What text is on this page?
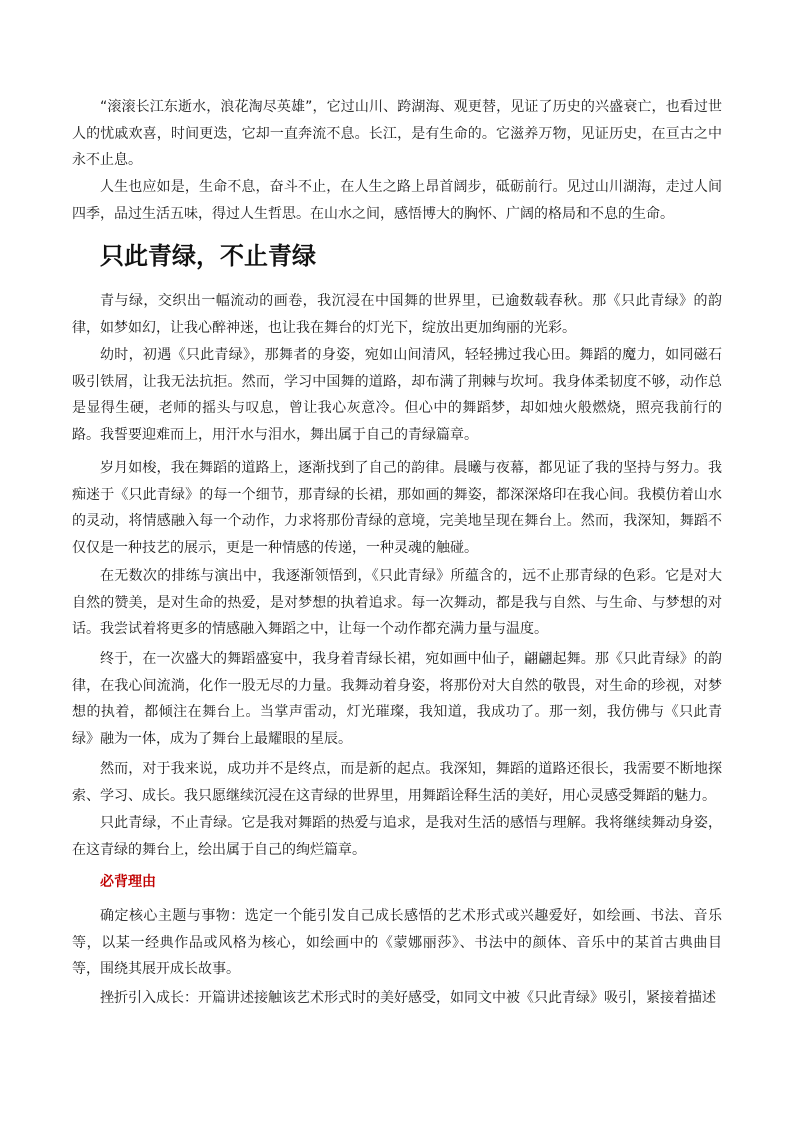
“滚滚长江东逝水，浪花淘尽英雄”，它过山川、跨湖海、观更替，见证了历史的兴盛衰亡，也看过世人的忧戚欢喜，时间更迭，它却一直奔流不息。长江，是有生命的。它滋养万物，见证历史，在亘古之中永不止息。

人生也应如是，生命不息，奋斗不止，在人生之路上昂首阔步，砥砺前行。见过山川湖海，走过人间四季，品过生活五味，得过人生哲思。在山水之间，感悟博大的胸怀、广阔的格局和不息的生命。

只此青绿，不止青绿

青与绿，交织出一幅流动的画卷，我沉浸在中国舞的世界里，已逾数载春秋。那《只此青绿》的韵律，如梦如幻，让我心醉神迷，也让我在舞台的灯光下，绽放出更加绚丽的光彩。

幼时，初遇《只此青绿》，那舞者的身姿，宛如山间清风，轻轻拂过我心田。舞蹈的魔力，如同磁石吸引铁屑，让我无法抗拒。然而，学习中国舞的道路，却布满了荆棘与坎坷。我身体柔韧度不够，动作总是显得生硬，老师的摇头与叹息，曾让我心灰意冷。但心中的舞蹈梦，却如烛火般燃烧，照亮我前行的路。我誓要迎难而上，用汗水与泪水，舞出属于自己的青绿篇章。

岁月如梭，我在舞蹈的道路上，逐渐找到了自己的韵律。晨曦与夜幕，都见证了我的坚持与努力。我痴迷于《只此青绿》的每一个细节，那青绿的长裙，那如画的舞姿，都深深烙印在我心间。我模仿着山水的灵动，将情感融入每一个动作，力求将那份青绿的意境，完美地呈现在舞台上。然而，我深知，舞蹈不仅仅是一种技艺的展示，更是一种情感的传递，一种灵魂的触碰。

在无数次的排练与演出中，我逐渐领悟到，《只此青绿》所蕴含的，远不止那青绿的色彩。它是对大自然的赞美，是对生命的热爱，是对梦想的执着追求。每一次舞动，都是我与自然、与生命、与梦想的对话。我尝试着将更多的情感融入舞蹈之中，让每一个动作都充满力量与温度。

终于，在一次盛大的舞蹈盛宴中，我身着青绿长裙，宛如画中仙子，翩翩起舞。那《只此青绿》的韵律，在我心间流淌，化作一股无尽的力量。我舞动着身姿，将那份对大自然的敬畏，对生命的珍视，对梦想的执着，都倾注在舞台上。当掌声雷动，灯光璀璨，我知道，我成功了。那一刻，我仿佛与《只此青绿》融为一体，成为了舞台上最耀眼的星辰。

然而，对于我来说，成功并不是终点，而是新的起点。我深知，舞蹈的道路还很长，我需要不断地探索、学习、成长。我只愿继续沉浸在这青绿的世界里，用舞蹈诠释生活的美好，用心灵感受舞蹈的魅力。

只此青绿，不止青绿。它是我对舞蹈的热爱与追求，是我对生活的感悟与理解。我将继续舞动身姿，在这青绿的舞台上，绘出属于自己的绚烂篇章。

必背理由

确定核心主题与事物：选定一个能引发自己成长感悟的艺术形式或兴趣爱好，如绘画、书法、音乐等，以某一经典作品或风格为核心，如绘画中的《蒙娜丽莎》、书法中的颜体、音乐中的某首古典曲目等，围绕其展开成长故事。

挫折引入成长：开篇讲述接触该艺术形式时的美好感受，如同文中被《只此青绿》吸引，紧接着描述
